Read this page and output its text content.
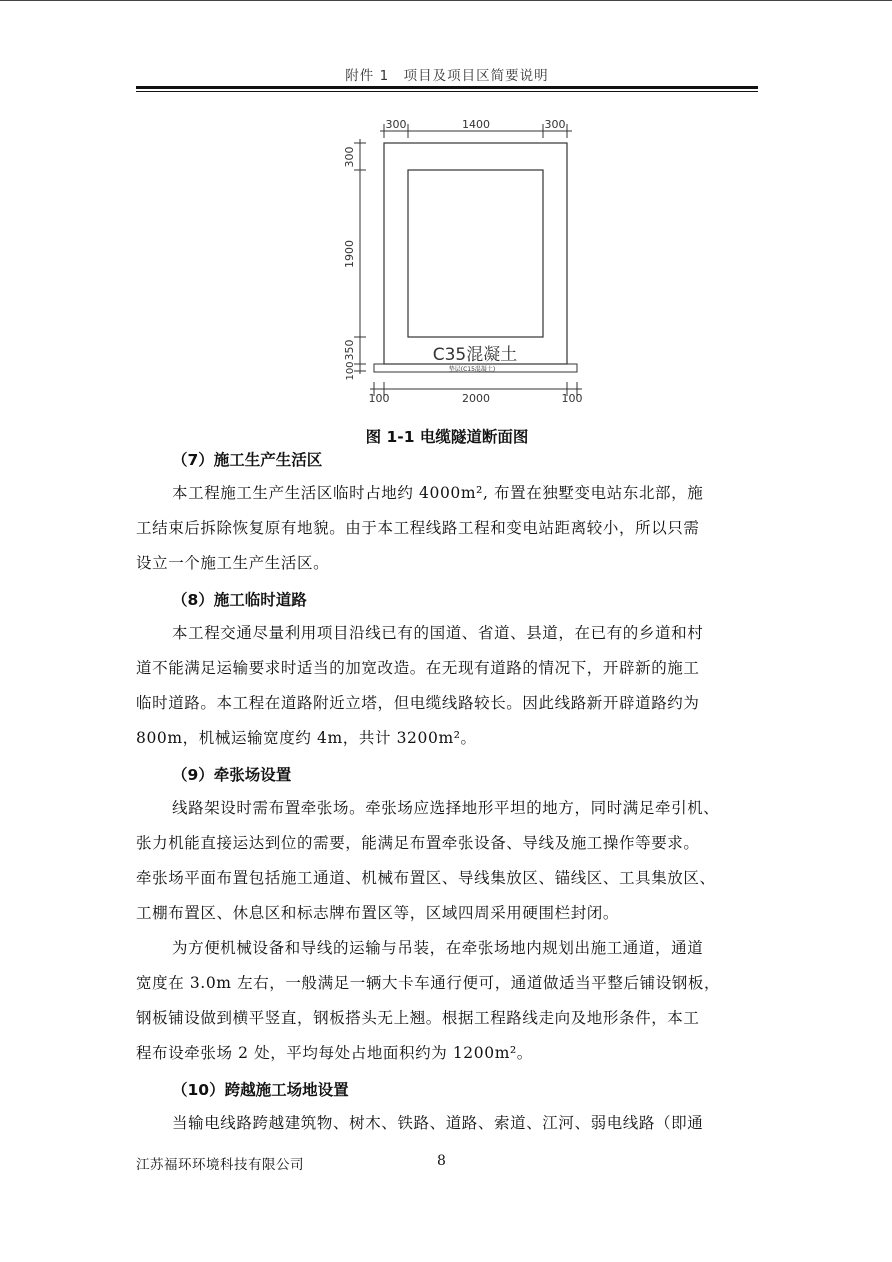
附件 1　项目及项目区简要说明
300	1400	300
300
1900
350
100	垫层(C15混凝土)
C35混凝土
100	2000	100
图 1-1 电缆隧道断面图
（7）施工生产生活区
本工程施工生产生活区临时占地约 4000m², 布置在独墅变电站东北部，施
工结束后拆除恢复原有地貌。由于本工程线路工程和变电站距离较小，所以只需
设立一个施工生产生活区。
（8）施工临时道路
本工程交通尽量利用项目沿线已有的国道、省道、县道，在已有的乡道和村
道不能满足运输要求时适当的加宽改造。在无现有道路的情况下，开辟新的施工
临时道路。本工程在道路附近立塔，但电缆线路较长。因此线路新开辟道路约为
800m，机械运输宽度约 4m，共计 3200m²。
（9）牵张场设置
线路架设时需布置牵张场。牵张场应选择地形平坦的地方，同时满足牵引机、
张力机能直接运达到位的需要，能满足布置牵张设备、导线及施工操作等要求。
牵张场平面布置包括施工通道、机械布置区、导线集放区、锚线区、工具集放区、
工棚布置区、休息区和标志牌布置区等，区域四周采用硬围栏封闭。
为方便机械设备和导线的运输与吊装，在牵张场地内规划出施工通道，通道
宽度在 3.0m 左右，一般满足一辆大卡车通行便可，通道做适当平整后铺设钢板，
钢板铺设做到横平竖直，钢板搭头无上翘。根据工程路线走向及地形条件，本工
程布设牵张场 2 处，平均每处占地面积约为 1200m²。
（10）跨越施工场地设置
当输电线路跨越建筑物、树木、铁路、道路、索道、江河、弱电线路（即通
江苏福环环境科技有限公司	8
